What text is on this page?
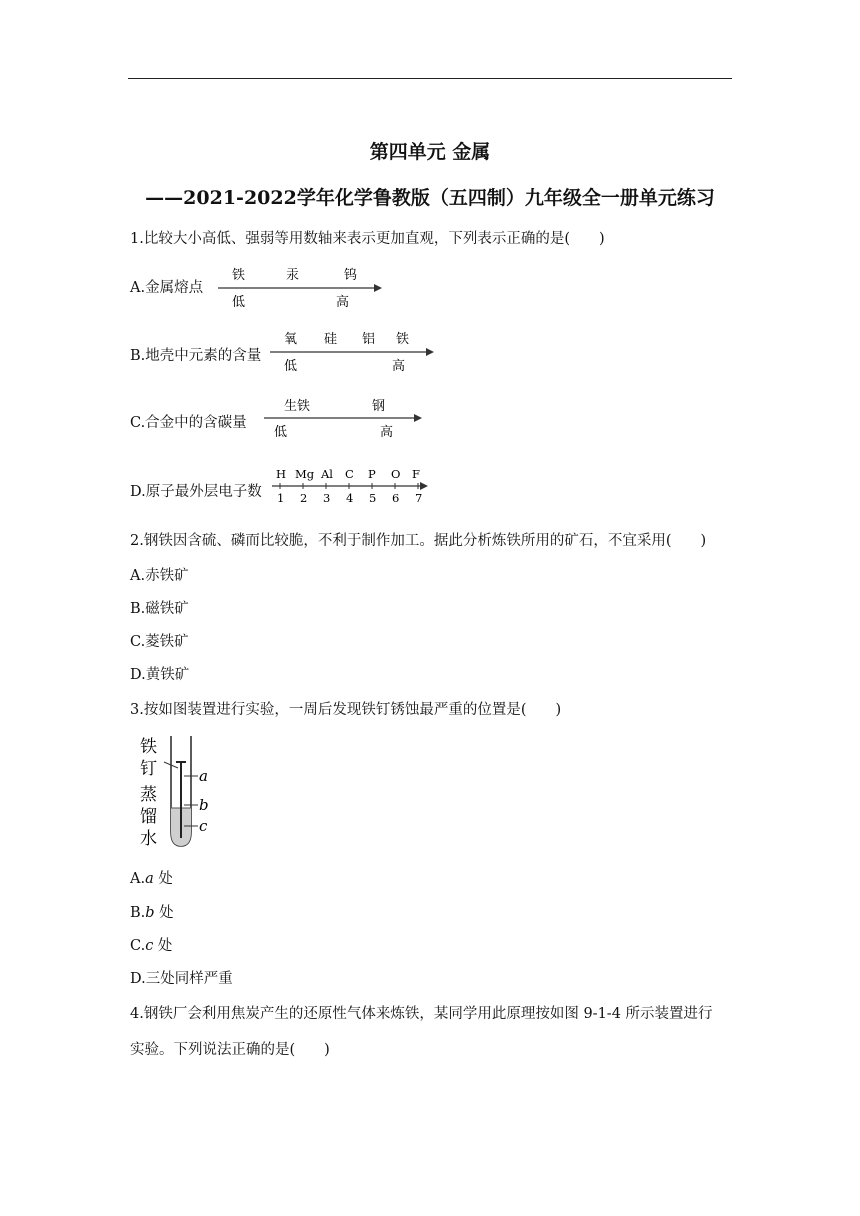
第四单元 金属
——2021-2022学年化学鲁教版（五四制）九年级全一册单元练习
1.比较大小高低、强弱等用数轴来表示更加直观，下列表示正确的是(　　)
A.金属熔点
铁	汞	钨
低	高
B.地壳中元素的含量
氧 硅 铝 铁
低	高
C.合金中的含碳量
生铁	钢
低	高
D.原子最外层电子数
H Mg Al C P O F
1 2 3 4 5 6 7
2.钢铁因含硫、磷而比较脆，不利于制作加工。据此分析炼铁所用的矿石，不宜采用(　　)
A.赤铁矿
B.磁铁矿
C.菱铁矿
D.黄铁矿
3.按如图装置进行实验，一周后发现铁钉锈蚀最严重的位置是(　　)
铁
钉
蒸
馏
水
a
b
c
A.a 处
B.b 处
C.c 处
D.三处同样严重
4.钢铁厂会利用焦炭产生的还原性气体来炼铁，某同学用此原理按如图 9-1-4 所示装置进行
实验。下列说法正确的是(　　)
